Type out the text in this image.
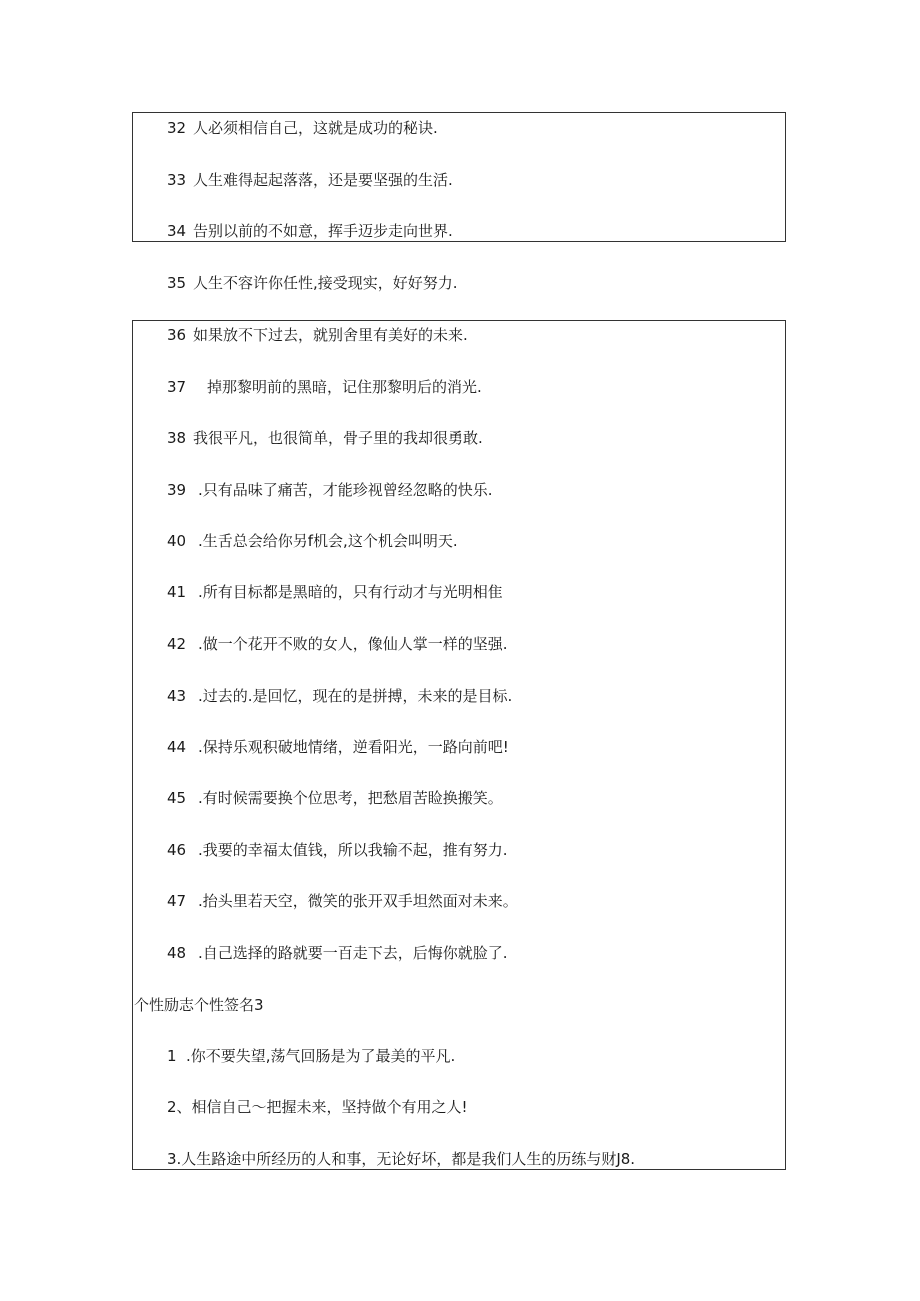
32 人必须相信自己，这就是成功的秘诀.
33 人生难得起起落落，还是要坚强的生活.
34 告别以前的不如意，挥手迈步走向世界.
35 人生不容许你任性,接受现实，好好努力.
36 如果放不下过去，就别舍里有美好的未来.
37 掉那黎明前的黑暗，记住那黎明后的消光.
38 我很平凡，也很简单，骨子里的我却很勇敢.
39 .只有品味了痛苦，才能珍视曾经忽略的快乐.
40 .生舌总会给你另f机会,这个机会叫明天.
41 .所有目标都是黑暗的，只有行动才与光明相隹
42 .做一个花开不败的女人，像仙人掌一样的坚强.
43 .过去的.是回忆，现在的是拼搏，未来的是目标.
44 .保持乐观积破地情绪，逆看阳光，一路向前吧!
45 .有时候需要换个位思考，把愁眉苦睑换搬笑。
46 .我要的幸福太值钱，所以我输不起，推有努力.
47 .抬头里若天空，微笑的张开双手坦然面对未来。
48 .自己选择的路就要一百走下去，后悔你就脸了.
个性励志个性签名3
1 .你不要失望,荡气回肠是为了最美的平凡.
2、相信自己〜把握未来，坚持做个有用之人!
3.人生路途中所经历的人和事，无论好坏，都是我们人生的历练与财J8.
